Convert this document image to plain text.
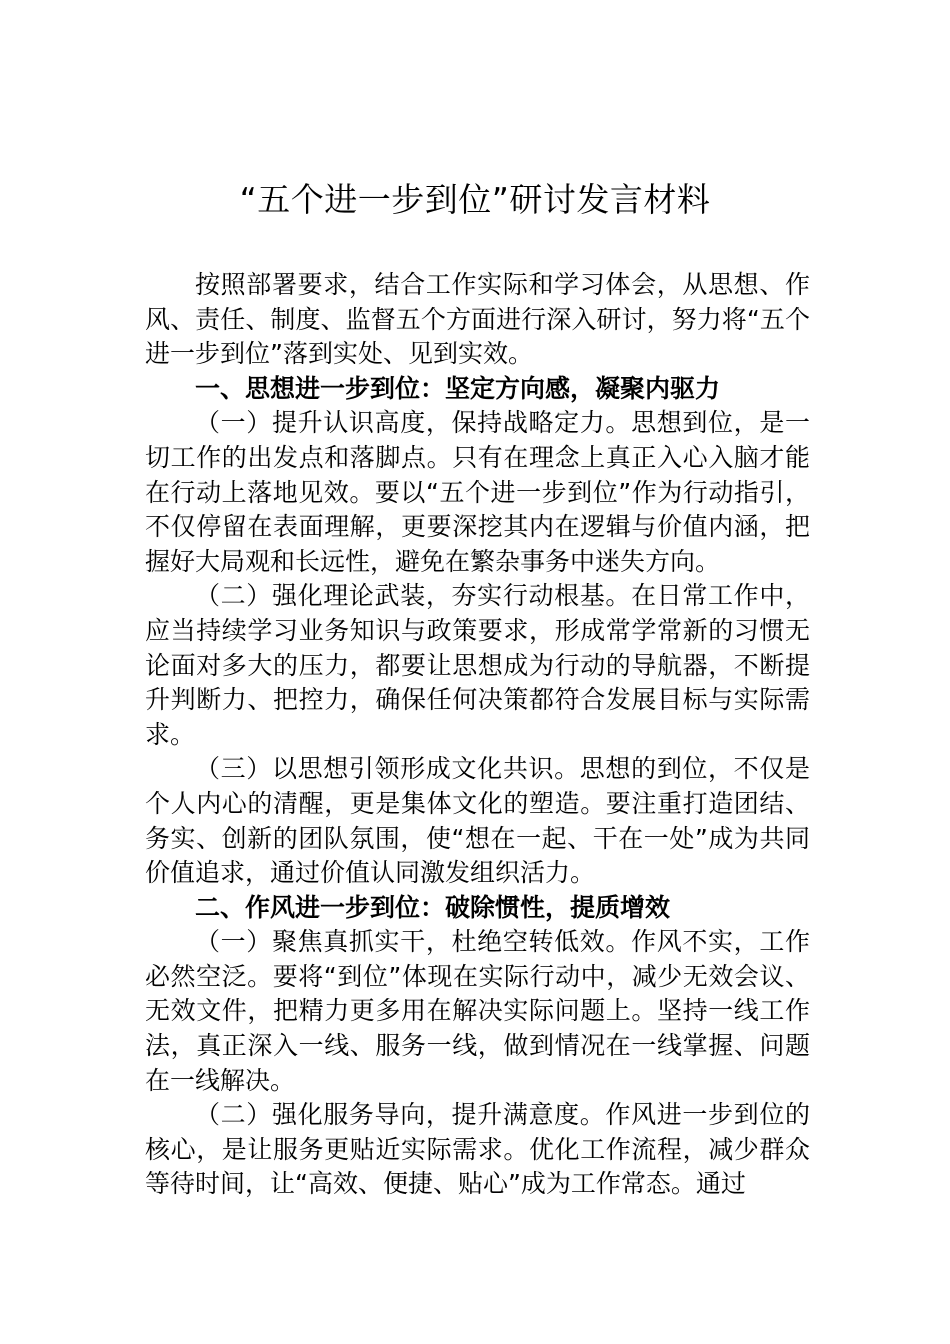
“五个进一步到位”研讨发言材料

按照部署要求，结合工作实际和学习体会，从思想、作风、责任、制度、监督五个方面进行深入研讨，努力将“五个进一步到位”落到实处、见到实效。

一、思想进一步到位：坚定方向感，凝聚内驱力

（一）提升认识高度，保持战略定力。思想到位，是一切工作的出发点和落脚点。只有在理念上真正入心入脑才能在行动上落地见效。要以“五个进一步到位”作为行动指引，不仅停留在表面理解，更要深挖其内在逻辑与价值内涵，把握好大局观和长远性，避免在繁杂事务中迷失方向。

（二）强化理论武装，夯实行动根基。在日常工作中，应当持续学习业务知识与政策要求，形成常学常新的习惯无论面对多大的压力，都要让思想成为行动的导航器，不断提升判断力、把控力，确保任何决策都符合发展目标与实际需求。

（三）以思想引领形成文化共识。思想的到位，不仅是个人内心的清醒，更是集体文化的塑造。要注重打造团结、务实、创新的团队氛围，使“想在一起、干在一处”成为共同价值追求，通过价值认同激发组织活力。

二、作风进一步到位：破除惯性，提质增效

（一）聚焦真抓实干，杜绝空转低效。作风不实，工作必然空泛。要将“到位”体现在实际行动中，减少无效会议、无效文件，把精力更多用在解决实际问题上。坚持一线工作法，真正深入一线、服务一线，做到情况在一线掌握、问题在一线解决。

（二）强化服务导向，提升满意度。作风进一步到位的核心，是让服务更贴近实际需求。优化工作流程，减少群众等待时间，让“高效、便捷、贴心”成为工作常态。通过
